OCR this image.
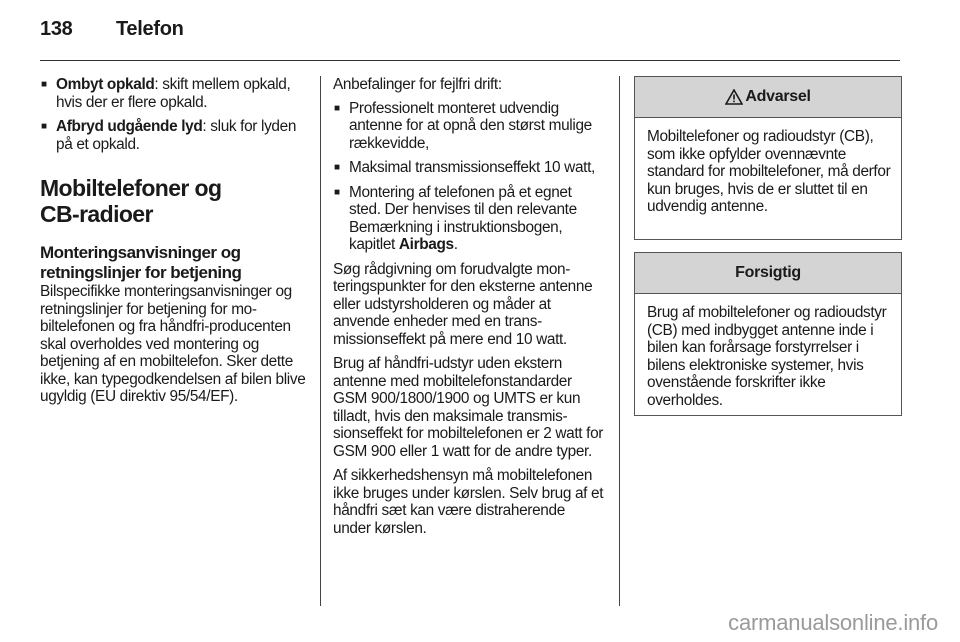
138 Telefon
■ Ombyt opkald: skift mellem opkald, hvis der er flere opkald.
■ Afbryd udgående lyd: sluk for lyden på et opkald.
Mobiltelefoner og
CB-radioer
Monteringsanvisninger og retningslinjer for betjening

Bilspecifikke monteringsanvisninger og retningslinjer for betjening for mobiltelefonen og fra håndfri-producenten skal overholdes ved montering og betjening af en mobiltelefon. Sker dette ikke, kan typegodkendelsen af bilen blive ugyldig (EU direktiv 95/54/EF).

Anbefalinger for fejlfri drift:

■ Professionelt monteret udvendig antenne for at opnå den størst mulige rækkevidde,
■ Maksimal transmissionseffekt 10 watt,
■ Montering af telefonen på et egnet sted. Der henvises til den relevante Bemærkning i instruktionsbogen, kapitlet Airbags.

Søg rådgivning om forudvalgte monteringspunkter for den eksterne antenne eller udstyrsholderen og måder at anvende enheder med en transmissionseffekt på mere end 10 watt.

Brug af håndfri-udstyr uden ekstern antenne med mobiltelefonstandarder GSM 900/1800/1900 og UMTS er kun tilladt, hvis den maksimale transmissionseffekt for mobiltelefonen er 2 watt for GSM 900 eller 1 watt for de andre typer.

Af sikkerhedshensyn må mobiltelefonen ikke bruges under kørslen. Selv brug af et håndfri sæt kan være distraherende under kørslen.

Advarsel
Mobiltelefoner og radioudstyr (CB), som ikke opfylder ovennævnte standard for mobiltelefoner, må derfor kun bruges, hvis de er sluttet til en udvendig antenne.
Forsigtig
Brug af mobiltelefoner og radioudstyr (CB) med indbygget antenne inde i bilen kan forårsage forstyrrelser i bilens elektroniske systemer, hvis ovenstående forskrifter ikke overholdes.
carmanualsonline.info
